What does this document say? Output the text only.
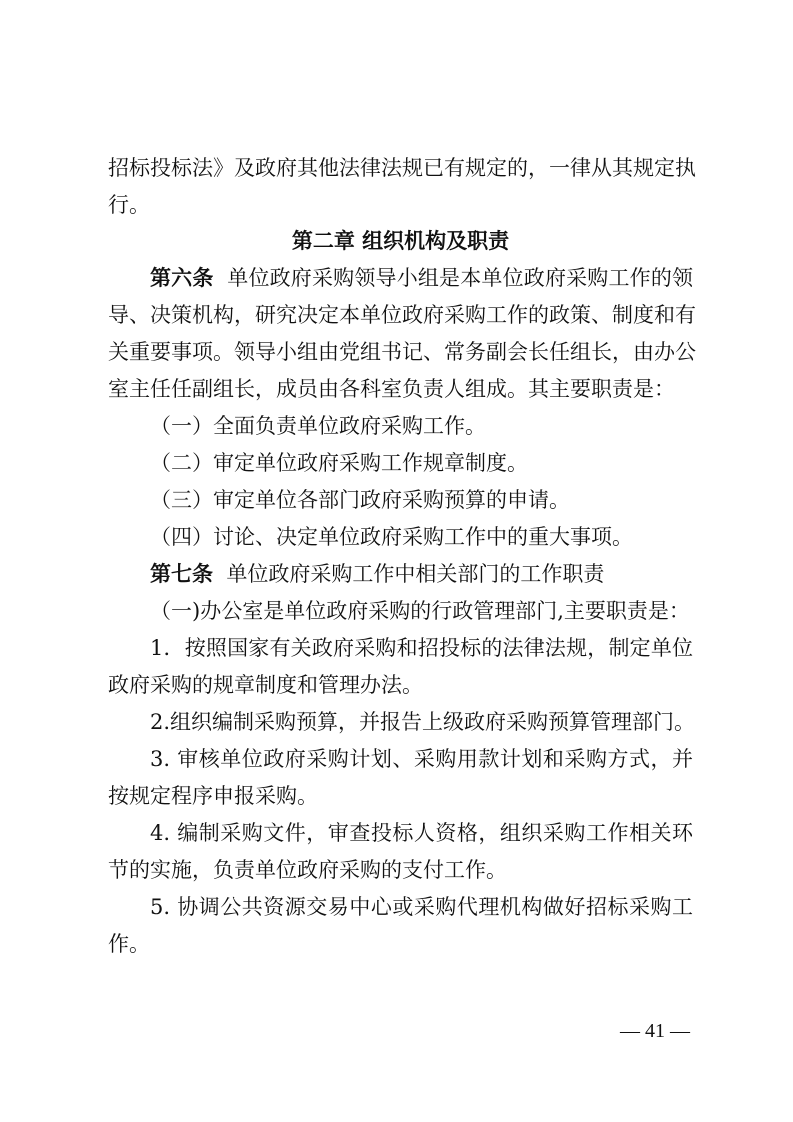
招标投标法》及政府其他法律法规已有规定的，一律从其规定执
行。
第二章 组织机构及职责
第六条 单位政府采购领导小组是本单位政府采购工作的领
导、决策机构，研究决定本单位政府采购工作的政策、制度和有
关重要事项。领导小组由党组书记、常务副会长任组长，由办公
室主任任副组长，成员由各科室负责人组成。其主要职责是：
（一）全面负责单位政府采购工作。
（二）审定单位政府采购工作规章制度。
（三）审定单位各部门政府采购预算的申请。
（四）讨论、决定单位政府采购工作中的重大事项。
第七条 单位政府采购工作中相关部门的工作职责
（一)办公室是单位政府采购的行政管理部门,主要职责是：
1．按照国家有关政府采购和招投标的法律法规，制定单位
政府采购的规章制度和管理办法。
2.组织编制采购预算，并报告上级政府采购预算管理部门。
3. 审核单位政府采购计划、采购用款计划和采购方式，并
按规定程序申报采购。
4. 编制采购文件，审查投标人资格，组织采购工作相关环
节的实施，负责单位政府采购的支付工作。
5. 协调公共资源交易中心或采购代理机构做好招标采购工
作。
— 41 —
